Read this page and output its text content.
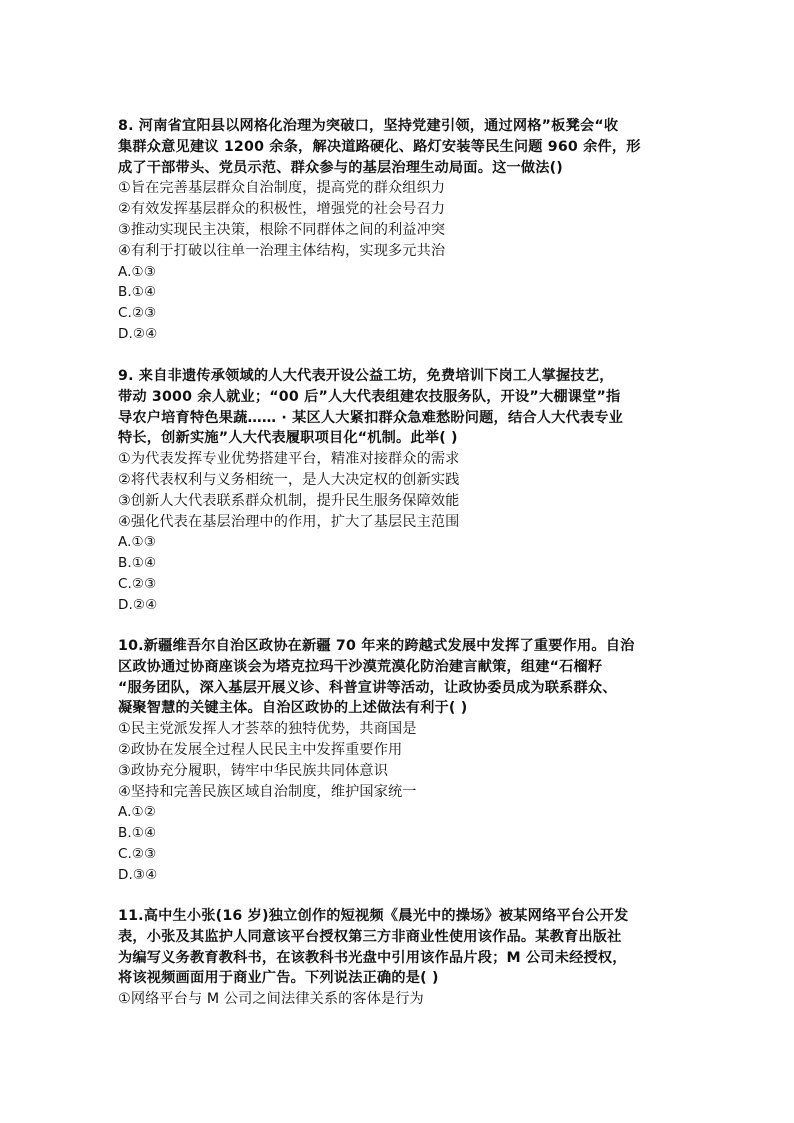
8. 河南省宜阳县以网格化治理为突破口，坚持党建引领，通过网格”板凳会“收
集群众意见建议 1200 余条，解决道路硬化、路灯安装等民生问题 960 余件，形
成了干部带头、党员示范、群众参与的基层治理生动局面。这一做法()
①旨在完善基层群众自治制度，提高党的群众组织力
②有效发挥基层群众的积极性，增强党的社会号召力
③推动实现民主决策，根除不同群体之间的利益冲突
④有利于打破以往单一治理主体结构，实现多元共治
A.①③
B.①④
C.②③
D.②④
9. 来自非遗传承领域的人大代表开设公益工坊，免费培训下岗工人掌握技艺，
带动 3000 余人就业；“00 后”人大代表组建农技服务队，开设”大棚课堂”指
导农户培育特色果蔬…… · 某区人大紧扣群众急难愁盼问题，结合人大代表专业
特长，创新实施”人大代表履职项目化“机制。此举( )
①为代表发挥专业优势搭建平台，精准对接群众的需求
②将代表权利与义务相统一，是人大决定权的创新实践
③创新人大代表联系群众机制，提升民生服务保障效能
④强化代表在基层治理中的作用，扩大了基层民主范围
A.①③
B.①④
C.②③
D.②④
10.新疆维吾尔自治区政协在新疆 70 年来的跨越式发展中发挥了重要作用。自治
区政协通过协商座谈会为塔克拉玛干沙漠荒漠化防治建言献策，组建“石榴籽
“服务团队，深入基层开展义诊、科普宣讲等活动，让政协委员成为联系群众、
凝聚智慧的关键主体。自治区政协的上述做法有利于( )
①民主党派发挥人才荟萃的独特优势，共商国是
②政协在发展全过程人民民主中发挥重要作用
③政协充分履职，铸牢中华民族共同体意识
④坚持和完善民族区域自治制度，维护国家统一
A.①②
B.①④
C.②③
D.③④
11.高中生小张(16 岁)独立创作的短视频《晨光中的操场》被某网络平台公开发
表，小张及其监护人同意该平台授权第三方非商业性使用该作品。某教育出版社
为编写义务教育教科书，在该教科书光盘中引用该作品片段；M 公司未经授权，
将该视频画面用于商业广告。下列说法正确的是( )
①网络平台与 M 公司之间法律关系的客体是行为
